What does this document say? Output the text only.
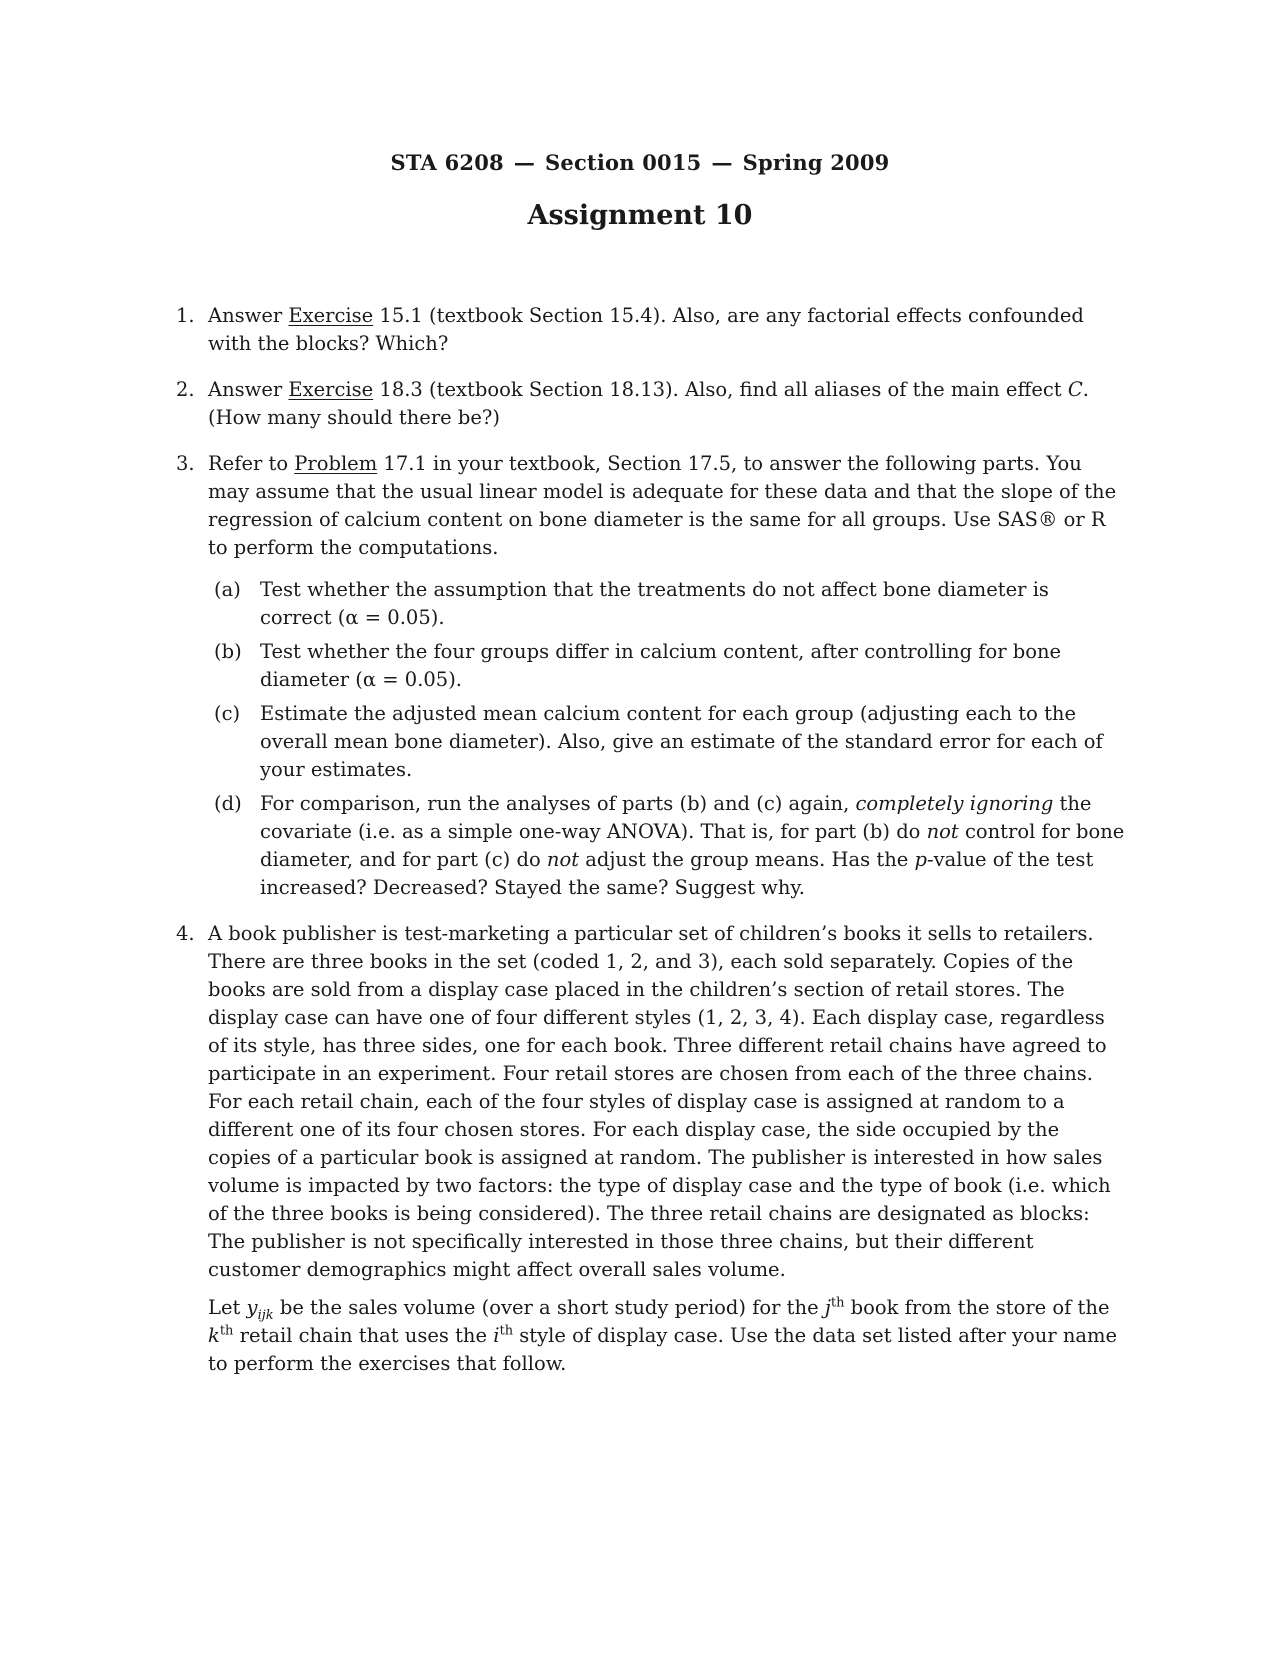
STA 6208 — Section 0015 — Spring 2009
Assignment 10
1. Answer Exercise 15.1 (textbook Section 15.4). Also, are any factorial effects confounded with the blocks? Which?
2. Answer Exercise 18.3 (textbook Section 18.13). Also, find all aliases of the main effect C. (How many should there be?)
3. Refer to Problem 17.1 in your textbook, Section 17.5, to answer the following parts. You may assume that the usual linear model is adequate for these data and that the slope of the regression of calcium content on bone diameter is the same for all groups. Use SAS® or R to perform the computations.
(a) Test whether the assumption that the treatments do not affect bone diameter is correct (α = 0.05).
(b) Test whether the four groups differ in calcium content, after controlling for bone diameter (α = 0.05).
(c) Estimate the adjusted mean calcium content for each group (adjusting each to the overall mean bone diameter). Also, give an estimate of the standard error for each of your estimates.
(d) For comparison, run the analyses of parts (b) and (c) again, completely ignoring the covariate (i.e. as a simple one-way ANOVA). That is, for part (b) do not control for bone diameter, and for part (c) do not adjust the group means. Has the p-value of the test increased? Decreased? Stayed the same? Suggest why.
4. A book publisher is test-marketing a particular set of children’s books it sells to retailers. There are three books in the set (coded 1, 2, and 3), each sold separately. Copies of the books are sold from a display case placed in the children’s section of retail stores. The display case can have one of four different styles (1, 2, 3, 4). Each display case, regardless of its style, has three sides, one for each book. Three different retail chains have agreed to participate in an experiment. Four retail stores are chosen from each of the three chains. For each retail chain, each of the four styles of display case is assigned at random to a different one of its four chosen stores. For each display case, the side occupied by the copies of a particular book is assigned at random. The publisher is interested in how sales volume is impacted by two factors: the type of display case and the type of book (i.e. which of the three books is being considered). The three retail chains are designated as blocks: The publisher is not specifically interested in those three chains, but their different customer demographics might affect overall sales volume.
Let $y_{ijk}$ be the sales volume (over a short study period) for the $j^{th}$ book from the store of the $k^{th}$ retail chain that uses the $i^{th}$ style of display case. Use the data set listed after your name to perform the exercises that follow.
